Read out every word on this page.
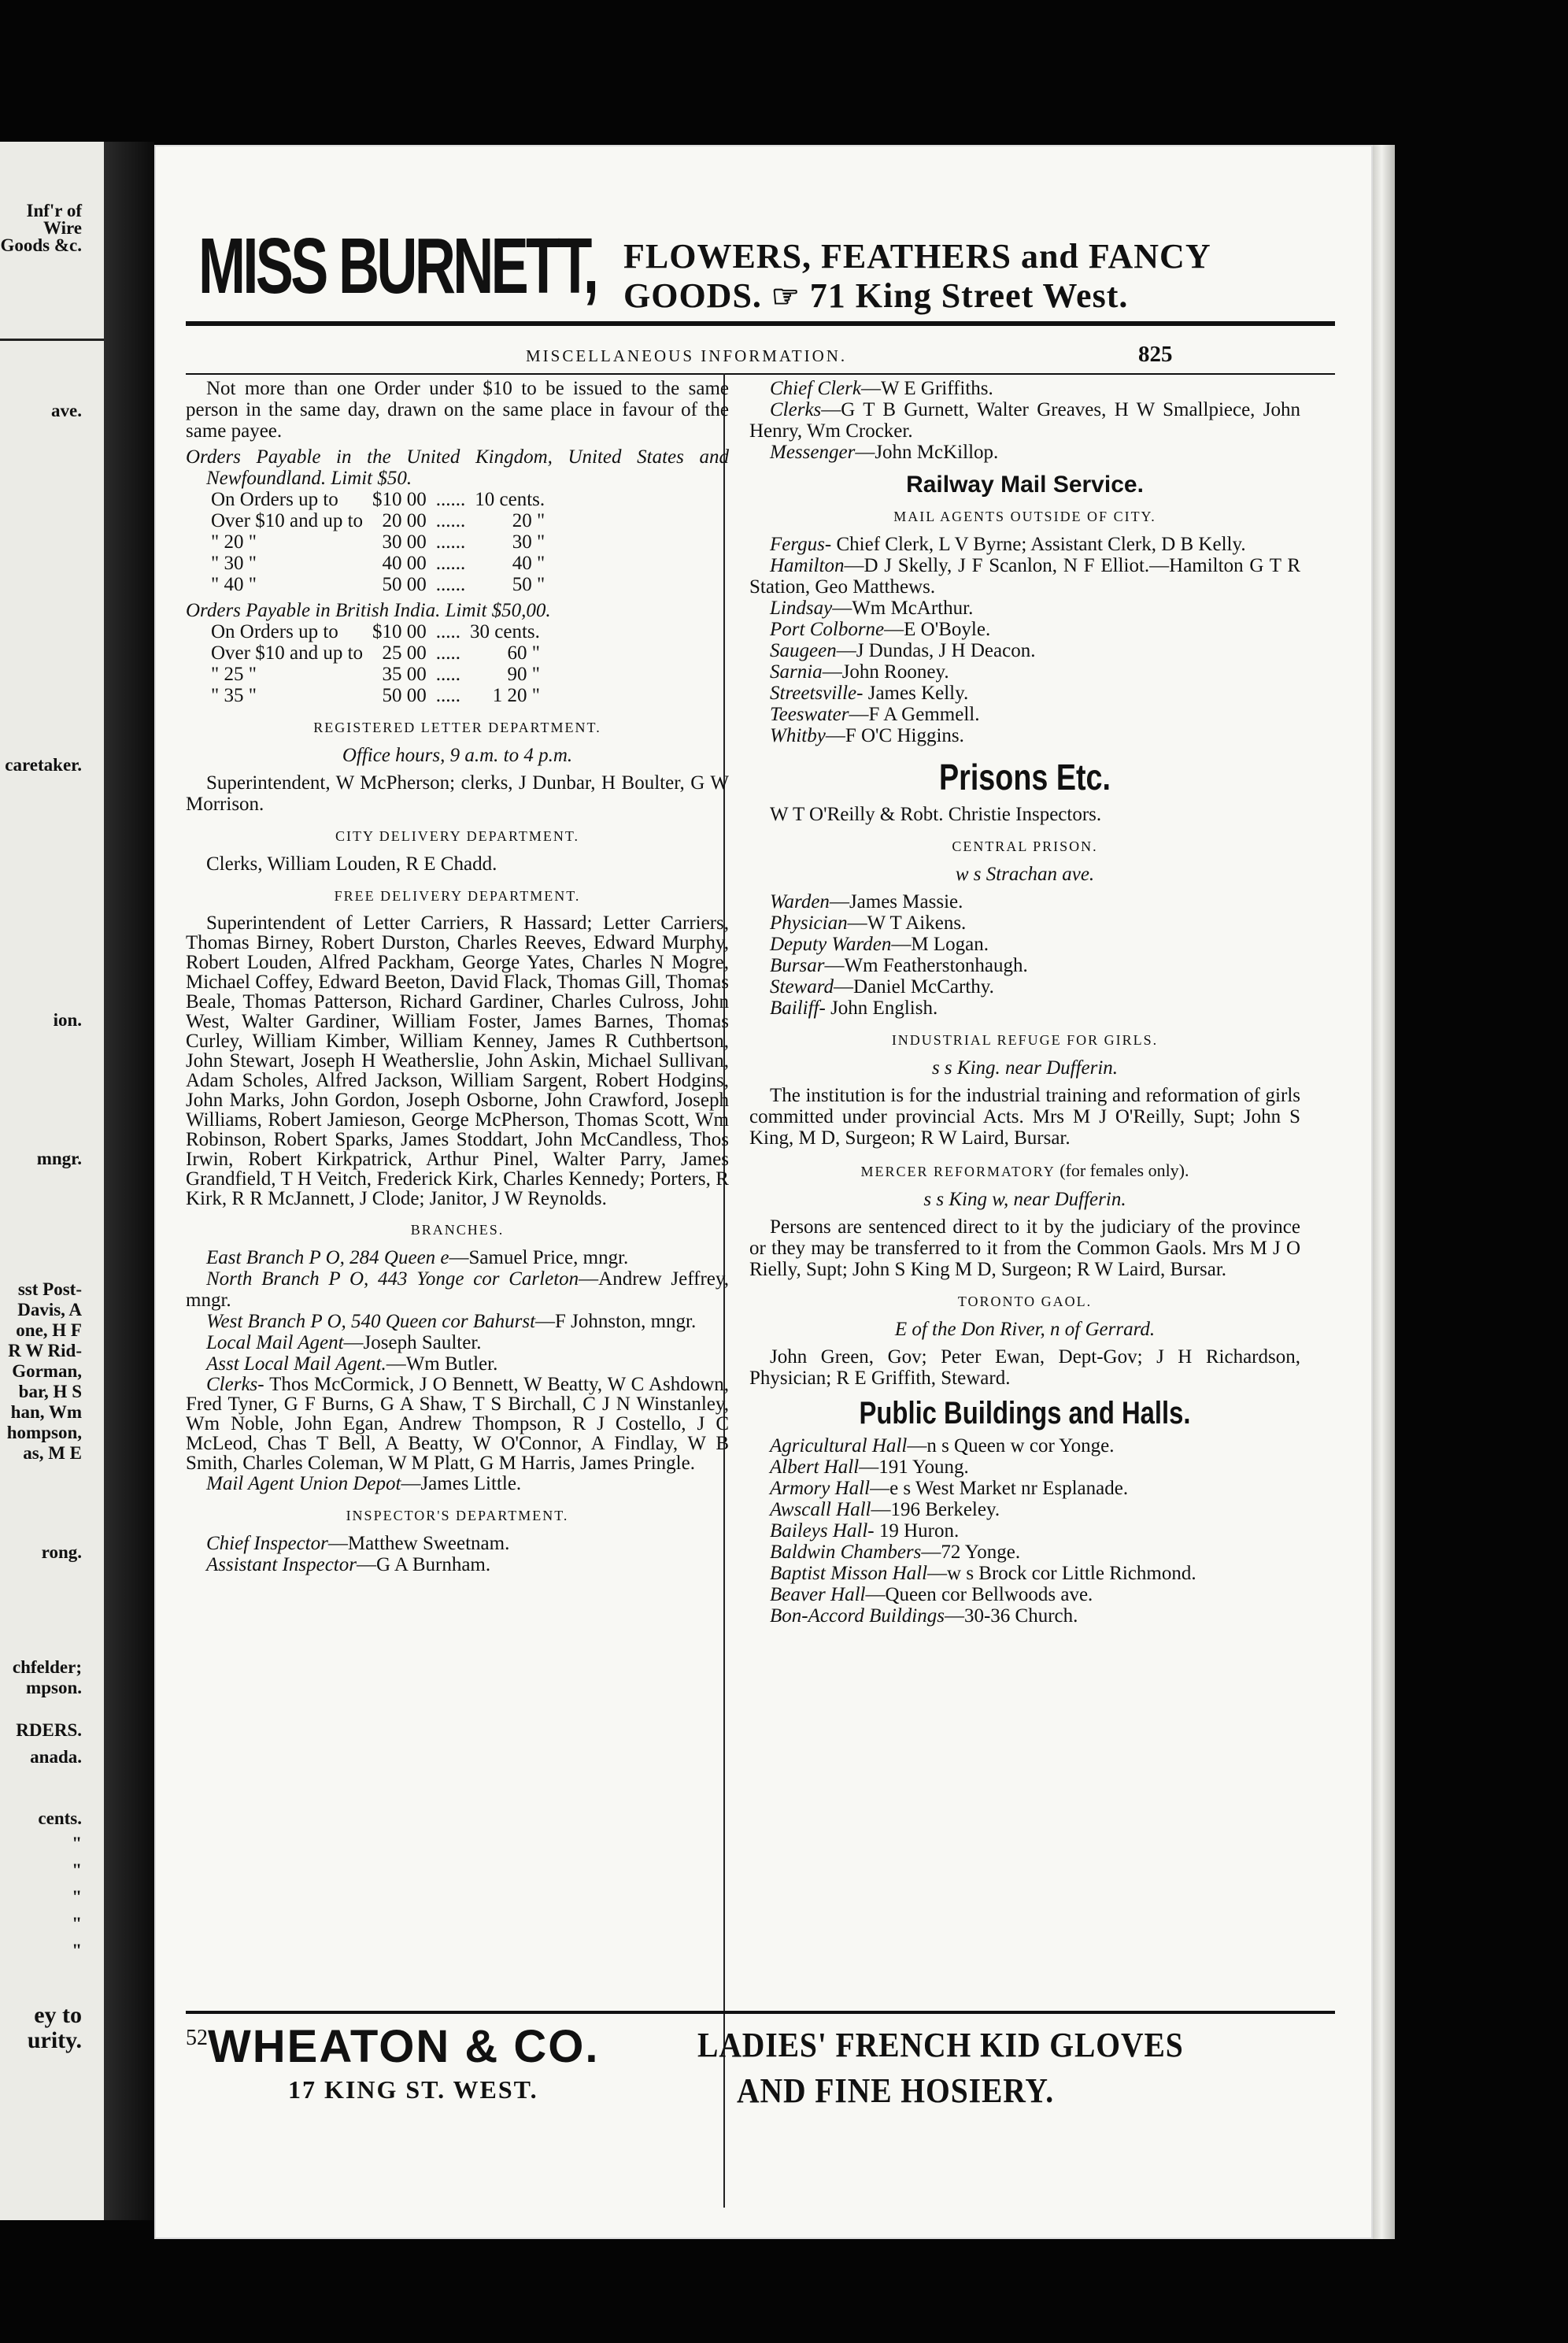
Inf'r of
Wire
Goods &c.
ave.
caretaker.
ion.
mngr.
sst Post-
Davis, A
one, H F
R W Rid-
Gorman,
bar, H S
han, Wm
hompson,
as, M E
rong.
chfelder;
mpson.
RDERS.
anada.
cents.
"
"
"
"
"
ey to
urity.
MISS BURNETT, FLOWERS, FEATHERS and FANCY
GOODS. ☞ 71 King Street West.
MISCELLANEOUS INFORMATION.	825

Not more than one Order under $10 to be issued to the same person in the same day, drawn on the same place in favour of the same payee.

Orders Payable in the United Kingdom, United States and Newfoundland. Limit $50.

On Orders up to	$10 00	......	10 cents.
Over $10 and up to	20 00	......	20 "
" 20 "	30 00	......	30 "
" 30 "	40 00	......	40 "
" 40 "	50 00	......	50 "

Orders Payable in British India. Limit $50,00.

On Orders up to	$10 00	.....	30 cents.
Over $10 and up to	25 00	.....	60 "
" 25 "	35 00	.....	90 "
" 35 "	50 00	.....	1 20 "

REGISTERED LETTER DEPARTMENT.

Office hours, 9 a.m. to 4 p.m.

Superintendent, W McPherson; clerks, J Dunbar, H Boulter, G W Morrison.

CITY DELIVERY DEPARTMENT.

Clerks, William Louden, R E Chadd.

FREE DELIVERY DEPARTMENT.

Superintendent of Letter Carriers, R Hassard; Letter Carriers, Thomas Birney, Robert Durston, Charles Reeves, Edward Murphy, Robert Louden, Alfred Packham, George Yates, Charles N Mogre, Michael Coffey, Edward Beeton, David Flack, Thomas Gill, Thomas Beale, Thomas Patterson, Richard Gardiner, Charles Culross, John West, Walter Gardiner, William Foster, James Barnes, Thomas Curley, William Kimber, William Kenney, James R Cuthbertson, John Stewart, Joseph H Weatherslie, John Askin, Michael Sullivan, Adam Scholes, Alfred Jackson, William Sargent, Robert Hodgins, John Marks, John Gordon, Joseph Osborne, John Crawford, Joseph Williams, Robert Jamieson, George McPherson, Thomas Scott, Wm Robinson, Robert Sparks, James Stoddart, John McCandless, Thos Irwin, Robert Kirkpatrick, Arthur Pinel, Walter Parry, James Grandfield, T H Veitch, Frederick Kirk, Charles Kennedy; Porters, R Kirk, R R McJannett, J Clode; Janitor, J W Reynolds.

BRANCHES.

East Branch P O, 284 Queen e—Samuel Price, mngr.

North Branch P O, 443 Yonge cor Carleton—Andrew Jeffrey, mngr.

West Branch P O, 540 Queen cor Bahurst—F Johnston, mngr.

Local Mail Agent—Joseph Saulter.

Asst Local Mail Agent.—Wm Butler.

Clerks- Thos McCormick, J O Bennett, W Beatty, W C Ashdown, Fred Tyner, G F Burns, G A Shaw, T S Birchall, C J N Winstanley, Wm Noble, John Egan, Andrew Thompson, R J Costello, J C McLeod, Chas T Bell, A Beatty, W O'Connor, A Findlay, W B Smith, Charles Coleman, W M Platt, G M Harris, James Pringle.

Mail Agent Union Depot—James Little.

INSPECTOR'S DEPARTMENT.

Chief Inspector—Matthew Sweetnam.

Assistant Inspector—G A Burnham.

Chief Clerk—W E Griffiths.

Clerks—G T B Gurnett, Walter Greaves, H W Smallpiece, John Henry, Wm Crocker.

Messenger—John McKillop.

Railway Mail Service.

MAIL AGENTS OUTSIDE OF CITY.

Fergus- Chief Clerk, L V Byrne; Assistant Clerk, D B Kelly.

Hamilton—D J Skelly, J F Scanlon, N F Elliot.—Hamilton G T R Station, Geo Matthews.

Lindsay—Wm McArthur.

Port Colborne—E O'Boyle.

Saugeen—J Dundas, J H Deacon.

Sarnia—John Rooney.

Streetsville- James Kelly.

Teeswater—F A Gemmell.

Whitby—F O'C Higgins.

Prisons Etc.

W T O'Reilly & Robt. Christie Inspectors.

CENTRAL PRISON.

w s Strachan ave.

Warden—James Massie.

Physician—W T Aikens.

Deputy Warden—M Logan.

Bursar—Wm Featherstonhaugh.

Steward—Daniel McCarthy.

Bailiff- John English.

INDUSTRIAL REFUGE FOR GIRLS.

s s King. near Dufferin.

The institution is for the industrial training and reformation of girls committed under provincial Acts. Mrs M J O'Reilly, Supt; John S King, M D, Surgeon; R W Laird, Bursar.

MERCER REFORMATORY (for females only).

s s King w, near Dufferin.

Persons are sentenced direct to it by the judiciary of the province or they may be transferred to it from the Common Gaols. Mrs M J O Rielly, Supt; John S King M D, Surgeon; R W Laird, Bursar.

TORONTO GAOL.

E of the Don River, n of Gerrard.

John Green, Gov; Peter Ewan, Dept-Gov; J H Richardson, Physician; R E Griffith, Steward.

Public Buildings and Halls.

Agricultural Hall—n s Queen w cor Yonge.

Albert Hall—191 Young.

Armory Hall—e s West Market nr Esplanade.

Awscall Hall—196 Berkeley.

Baileys Hall- 19 Huron.

Baldwin Chambers—72 Yonge.

Baptist Misson Hall—w s Brock cor Little Richmond.

Beaver Hall—Queen cor Bellwoods ave.

Bon-Accord Buildings—30-36 Church.

$^{52}$WHEATON & CO.
17 KING ST. WEST.
LADIES' FRENCH KID GLOVES
AND FINE HOSIERY.
